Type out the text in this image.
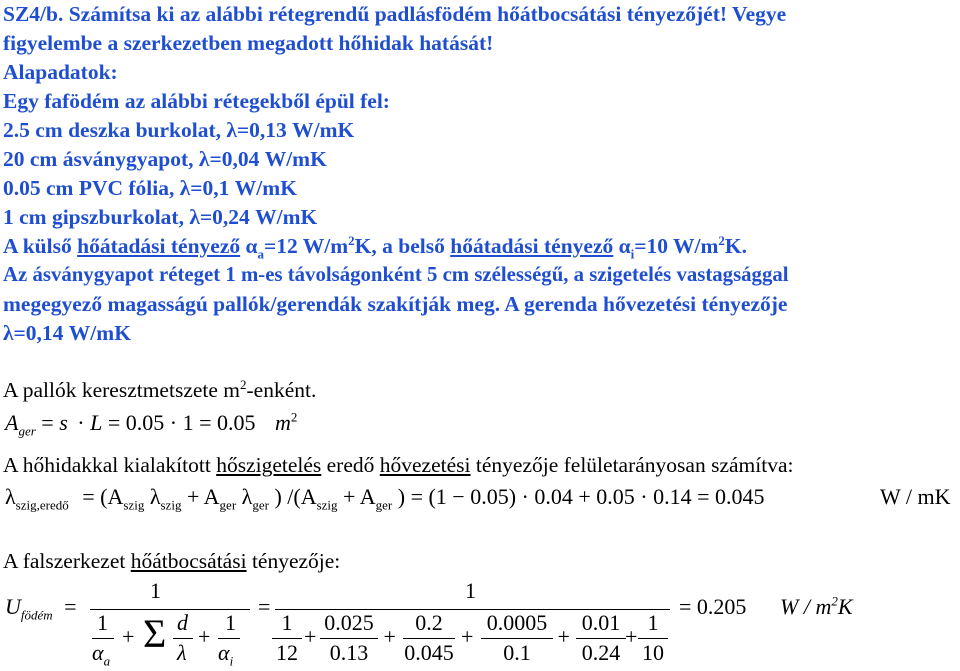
SZ4/b. Számítsa ki az alábbi rétegrendű padlásfödém hőátbocsátási tényezőjét! Vegye
figyelembe a szerkezetben megadott hőhidak hatását!
Alapadatok:
Egy fafödém az alábbi rétegekből épül fel:
2.5 cm deszka burkolat, λ=0,13 W/mK
20 cm ásványgyapot, λ=0,04 W/mK
0.05 cm PVC fólia, λ=0,1 W/mK
1 cm gipszburkolat, λ=0,24 W/mK
A külső hőátadási tényező $\alpha_a=12$ $W/m^2K$, a belső hőátadási tényező $\alpha_i=10$ $W/m^2K$.
Az ásványgyapot réteget 1 m-es távolságonként 5 cm szélességű, a szigetelés vastagsággal
megegyező magasságú pallók/gerendák szakítják meg. A gerenda hővezetési tényezője
λ=0,14 W/mK
A pallók keresztmetszete $m^2$-enként.
$A_{ger} = s \cdot L = 0.05 \cdot 1 = 0.05$ $m^2$
A hőhidakkal kialakított hőszigetelés eredő hővezetési tényezője felületarányosan számítva:
$\lambda_{szig,eredő} = (A_{szig}$ $\lambda_{szig} + A_{ger}$ $\lambda_{ger}$ ) $/(A_{szig} + A_{ger}$ ) = (1 − 0.05) · 0.04 + 0.05 · 0.14 = 0.045	W / mK
A falszerkezet hőátbocsátási tényezője:
$U_{födém}$ =
1
1
$\alpha_a$
+ Σ d
λ
+
1
$\alpha_i$
=
1
1
12
+
0.025
0.13
+
0.2
0.045
+
0.0005
0.1
+
0.01
0.24
+
1
10
= 0.205 W / $m^2K$
